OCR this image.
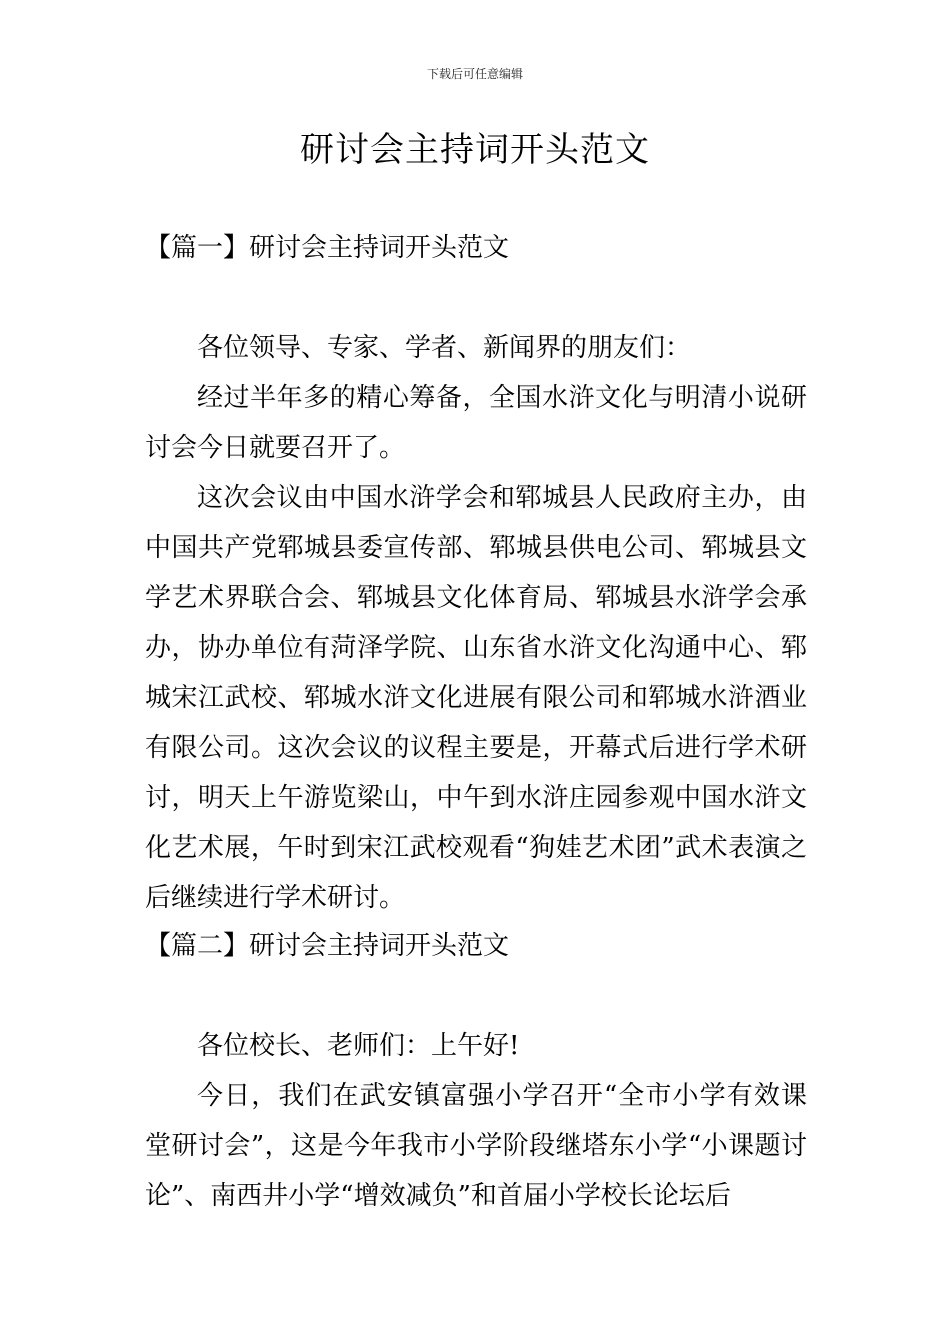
下载后可任意编辑
研讨会主持词开头范文
【篇一】研讨会主持词开头范文

各位领导、专家、学者、新闻界的朋友们：

经过半年多的精心筹备，全国水浒文化与明清小说研讨会今日就要召开了。

这次会议由中国水浒学会和郓城县人民政府主办，由中国共产党郓城县委宣传部、郓城县供电公司、郓城县文学艺术界联合会、郓城县文化体育局、郓城县水浒学会承办，协办单位有菏泽学院、山东省水浒文化沟通中心、郓城宋江武校、郓城水浒文化进展有限公司和郓城水浒酒业有限公司。这次会议的议程主要是，开幕式后进行学术研讨，明天上午游览梁山，中午到水浒庄园参观中国水浒文化艺术展，午时到宋江武校观看“狗娃艺术团”武术表演之后继续进行学术研讨。

【篇二】研讨会主持词开头范文

各位校长、老师们：上午好!

今日，我们在武安镇富强小学召开“全市小学有效课堂研讨会”，这是今年我市小学阶段继塔东小学“小课题讨论”、南西井小学“增效减负”和首届小学校长论坛后
